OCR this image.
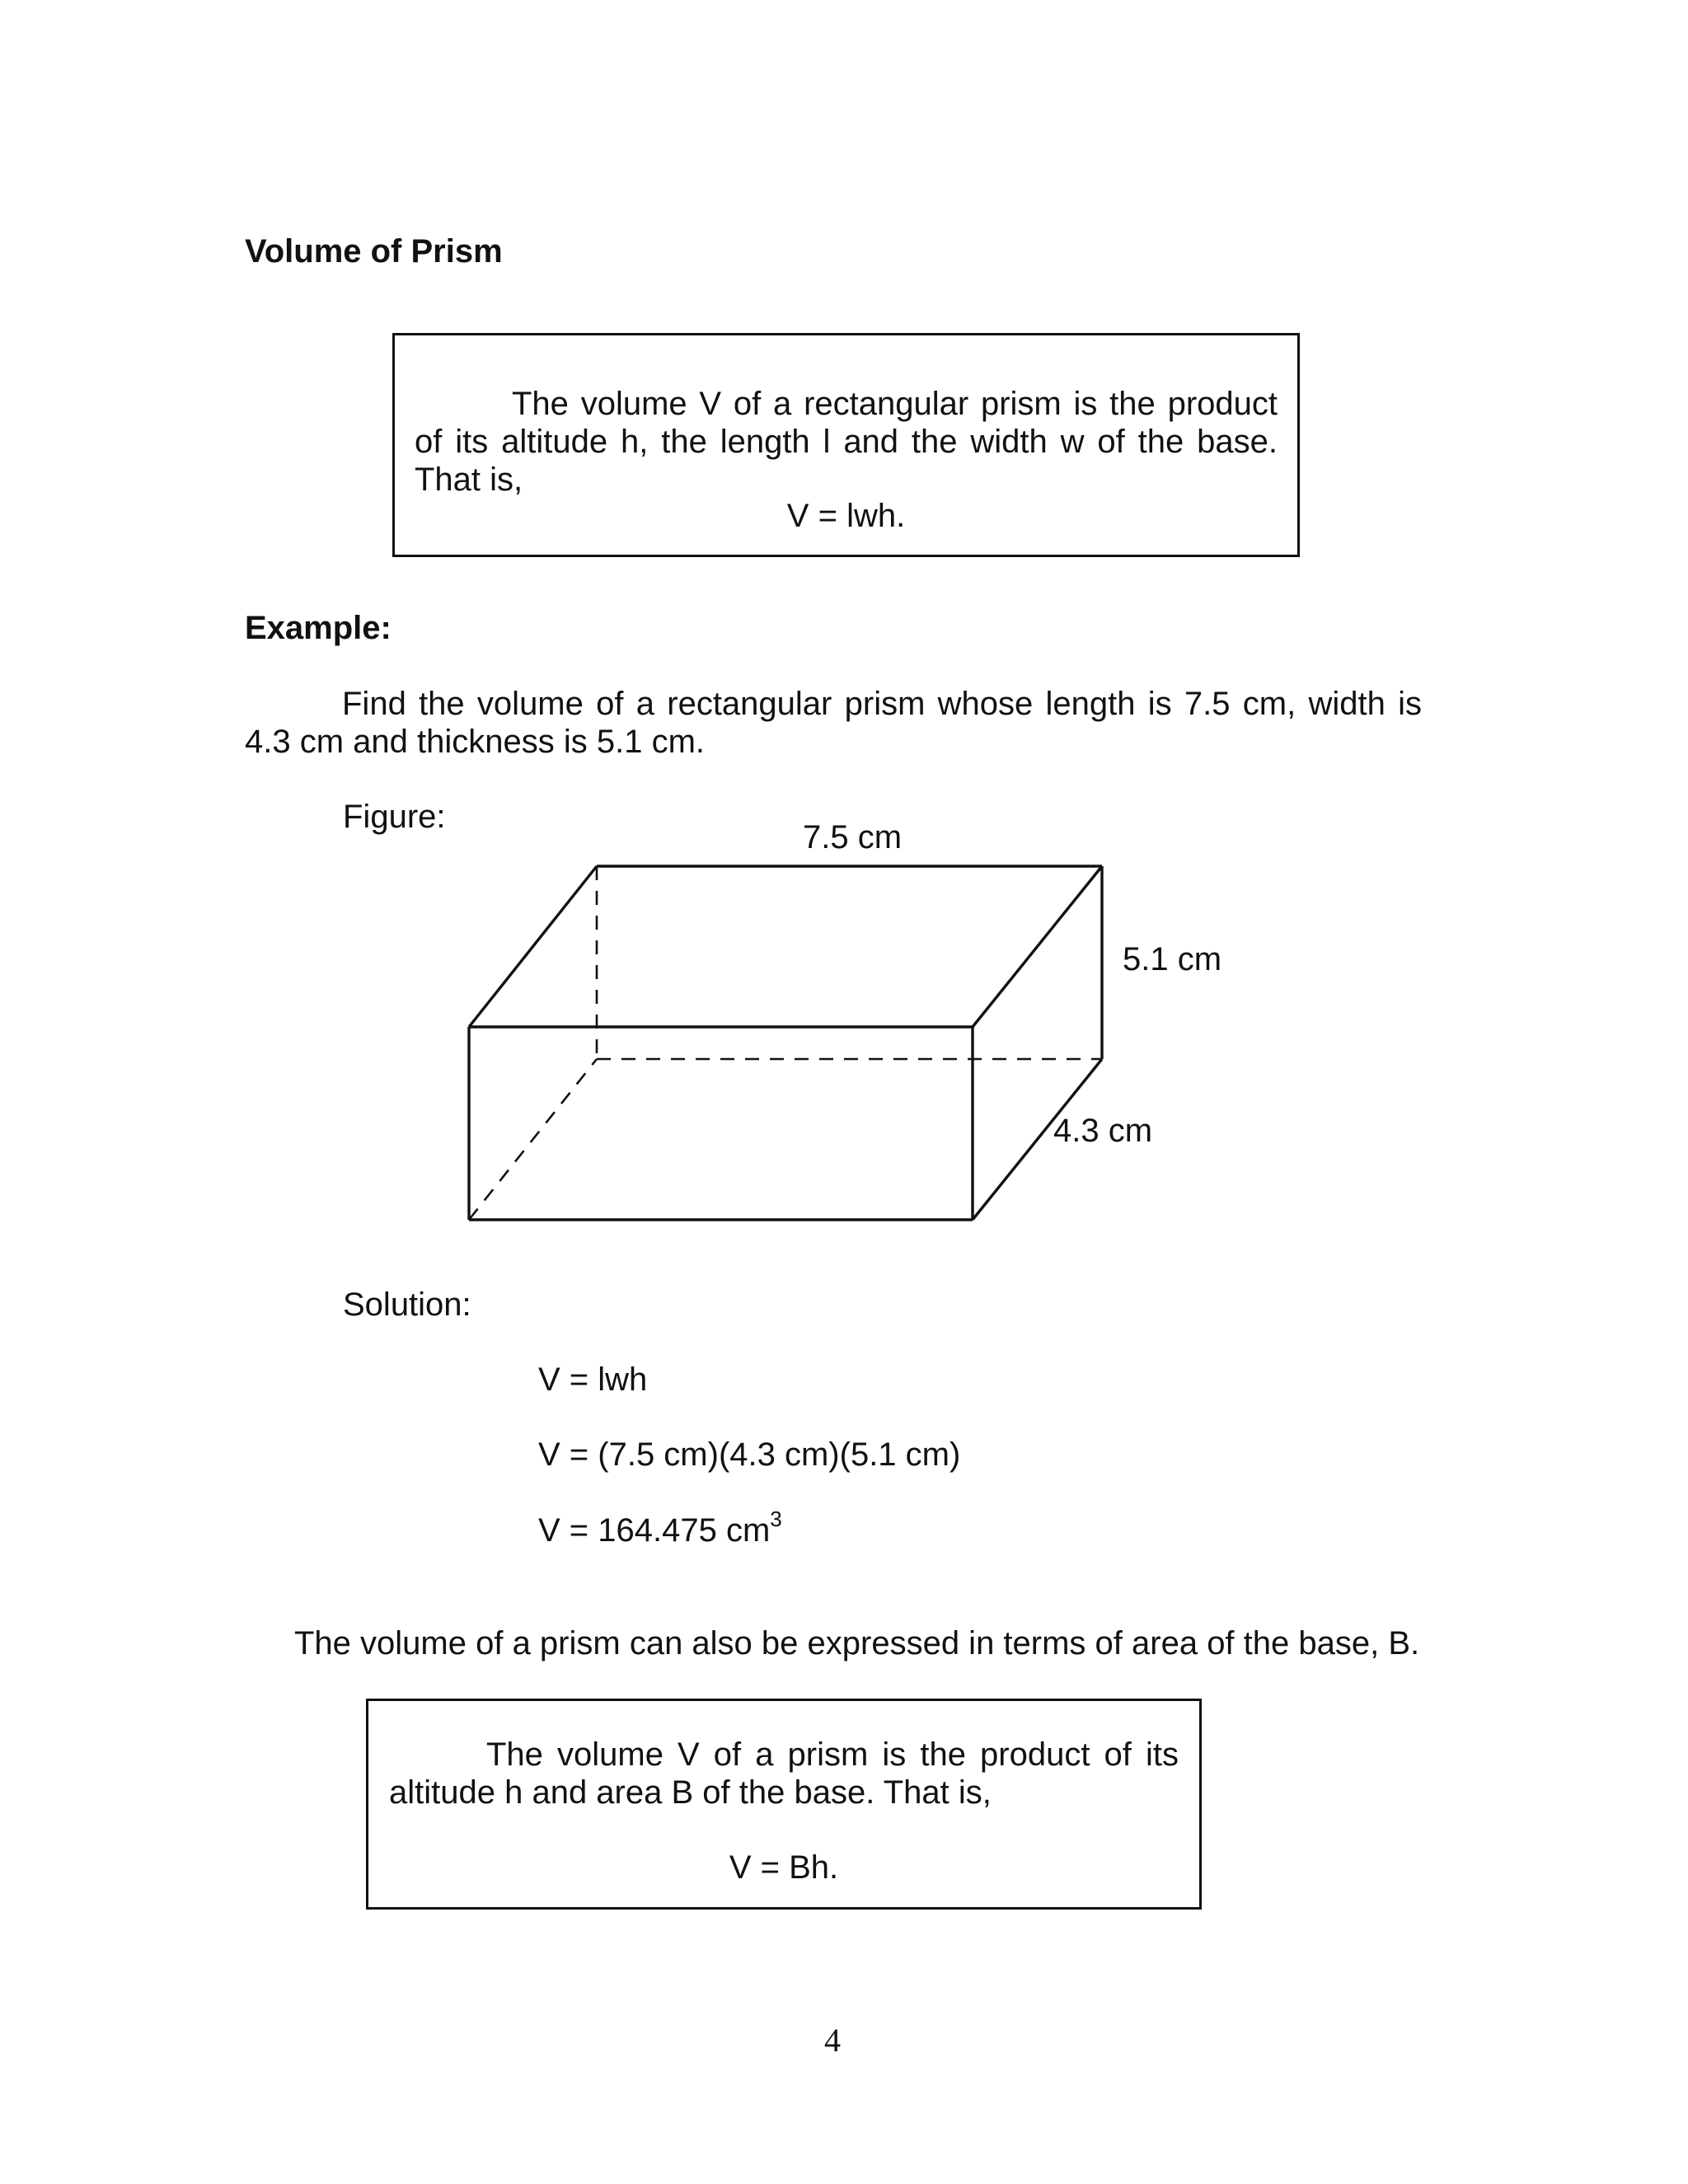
Volume of Prism
The volume V of a rectangular prism is the product of its altitude h, the length l and the width w of the base. That is,
V = lwh.
Example:
Find the volume of a rectangular prism whose length is 7.5 cm, width is 4.3 cm and thickness is 5.1 cm.
Figure:
7.5 cm
5.1 cm
4.3 cm
Solution:
V = lwh
V = (7.5 cm)(4.3 cm)(5.1 cm)
V = 164.475 $cm^3$
The volume of a prism can also be expressed in terms of area of the base, B.
The volume V of a prism is the product of its altitude h and area B of the base. That is,
V = Bh.
4
